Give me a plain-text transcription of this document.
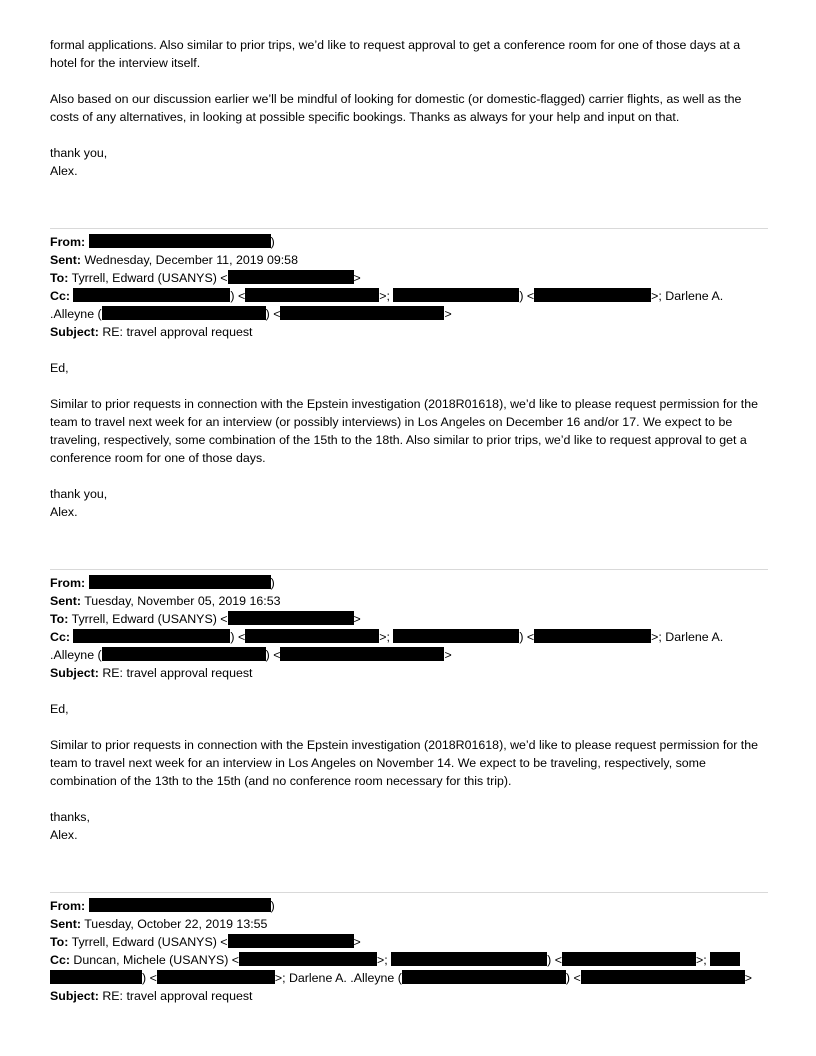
formal applications. Also similar to prior trips, we’d like to request approval to get a conference room for one of those days at a hotel for the interview itself.

Also based on our discussion earlier we’ll be mindful of looking for domestic (or domestic-flagged) carrier flights, as well as the costs of any alternatives, in looking at possible specific bookings. Thanks as always for your help and input on that.

thank you,

Alex.

From:	)
Sent: Wednesday, December 11, 2019 09:58
To: Tyrrell, Edward (USANYS) <	>
Cc:	) <	>;	) <	>; Darlene A.
.Alleyne (	) <	>
Subject: RE: travel approval request

Ed,

Similar to prior requests in connection with the Epstein investigation (2018R01618), we’d like to please request permission for the team to travel next week for an interview (or possibly interviews) in Los Angeles on December 16 and/or 17. We expect to be traveling, respectively, some combination of the 15th to the 18th. Also similar to prior trips, we’d like to request approval to get a conference room for one of those days.

thank you,

Alex.

From:	)
Sent: Tuesday, November 05, 2019 16:53
To: Tyrrell, Edward (USANYS) <	>
Cc:	) <	>;	) <	>; Darlene A.
.Alleyne (	) <	>
Subject: RE: travel approval request

Ed,

Similar to prior requests in connection with the Epstein investigation (2018R01618), we’d like to please request permission for the team to travel next week for an interview in Los Angeles on November 14. We expect to be traveling, respectively, some combination of the 13th to the 15th (and no conference room necessary for this trip).

thanks,

Alex.

From:	)
Sent: Tuesday, October 22, 2019 13:55
To: Tyrrell, Edward (USANYS) <	>
Cc: Duncan, Michele (USANYS) <	>;	) <	>;
) <	>; Darlene A. .Alleyne (	) <	>
Subject: RE: travel approval request
